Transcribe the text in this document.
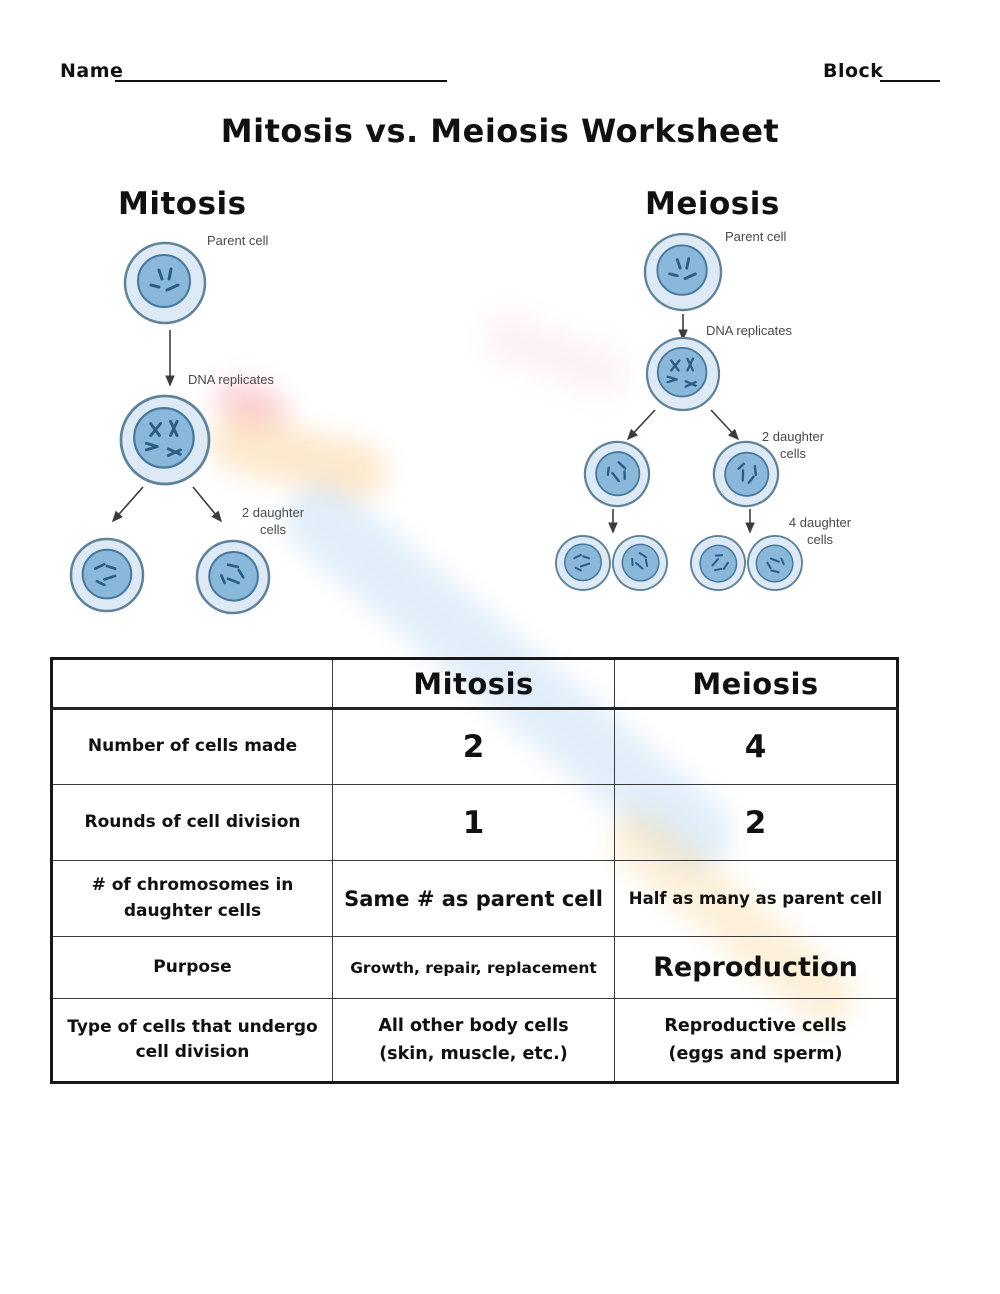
Name	Block
Mitosis vs. Meiosis Worksheet
Mitosis	Meiosis
Parent cell
DNA replicates
2 daughter
cells
Parent cell
DNA replicates
2 daughter
cells
4 daughter
cells
	Mitosis	Meiosis
Number of cells made	2	4
Rounds of cell division	1	2
# of chromosomes in daughter cells	Same # as parent cell	Half as many as parent cell
Purpose	Growth, repair, replacement	Reproduction
Type of cells that undergo cell division	All other body cells (skin, muscle, etc.)	Reproductive cells (eggs and sperm)
